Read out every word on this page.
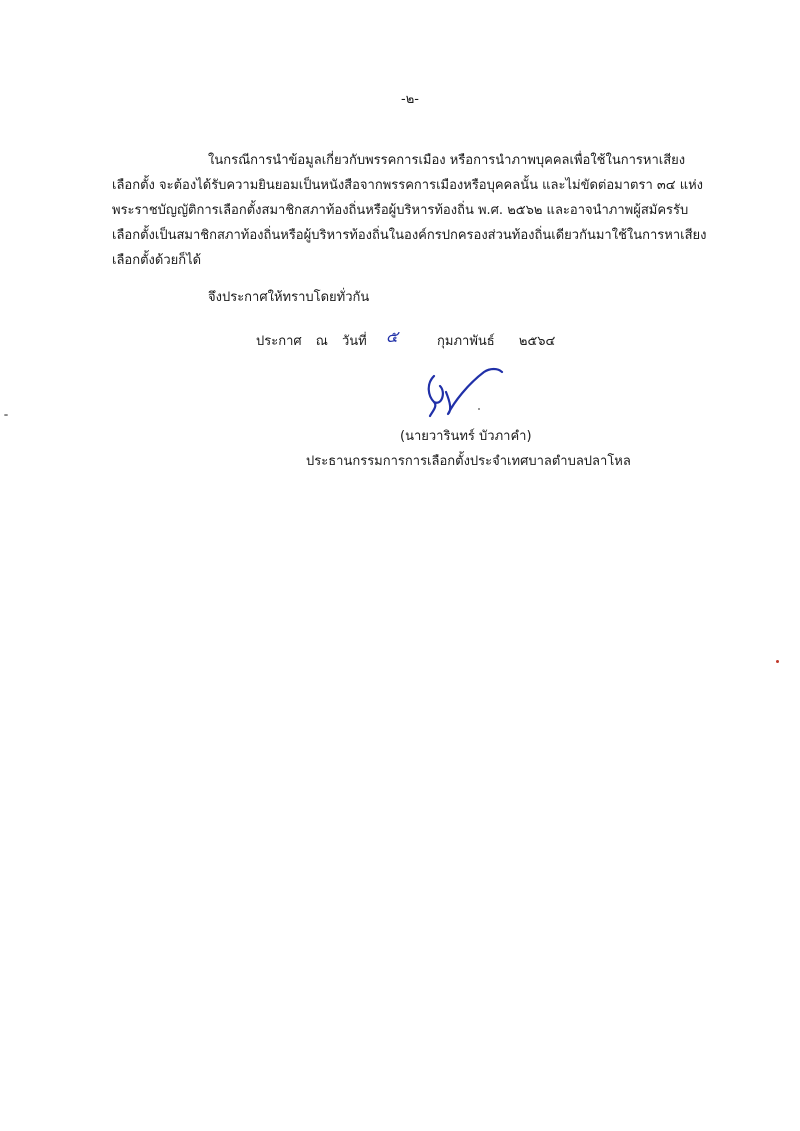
-๒-
ในกรณีการนำข้อมูลเกี่ยวกับพรรคการเมือง หรือการนำภาพบุคคลเพื่อใช้ในการหาเสียง
เลือกตั้ง จะต้องได้รับความยินยอมเป็นหนังสือจากพรรคการเมืองหรือบุคคลนั้น และไม่ขัดต่อมาตรา ๓๔ แห่ง
พระราชบัญญัติการเลือกตั้งสมาชิกสภาท้องถิ่นหรือผู้บริหารท้องถิ่น พ.ศ. ๒๕๖๒ และอาจนำภาพผู้สมัครรับ
เลือกตั้งเป็นสมาชิกสภาท้องถิ่นหรือผู้บริหารท้องถิ่นในองค์กรปกครองส่วนท้องถิ่นเดียวกันมาใช้ในการหาเสียง
เลือกตั้งด้วยก็ได้
จึงประกาศให้ทราบโดยทั่วกัน
ประกาศ ณ วันที่ ๕	กุมภาพันธ์ ๒๕๖๔
(นายวารินทร์ บัวภาคำ)
ประธานกรรมการการเลือกตั้งประจำเทศบาลตำบลปลาโหล
